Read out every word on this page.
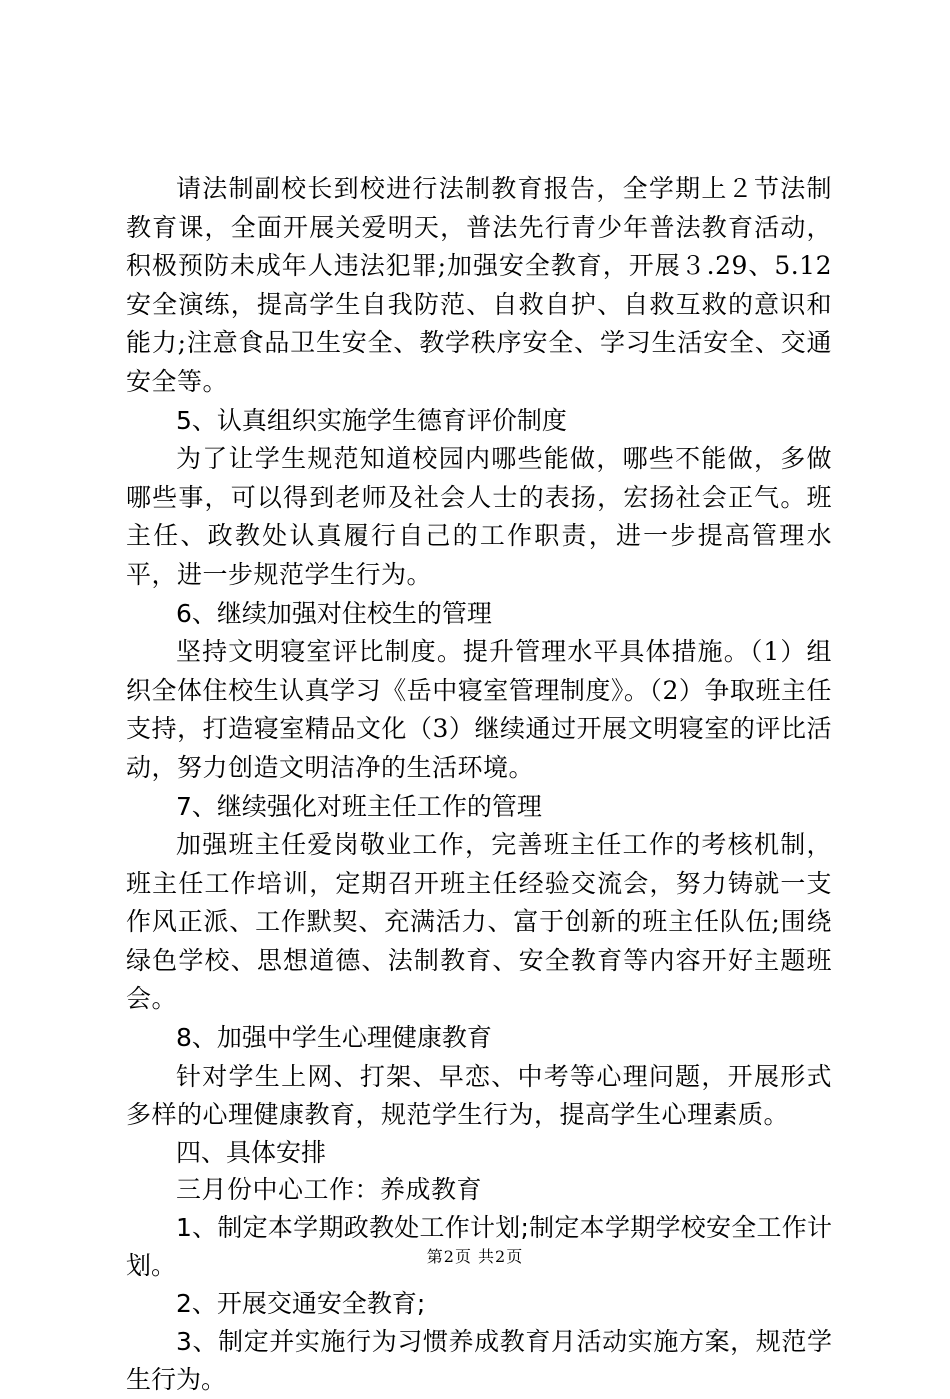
请法制副校长到校进行法制教育报告，全学期上２节法制教育课，全面开展关爱明天，普法先行青少年普法教育活动，积极预防未成年人违法犯罪;加强安全教育，开展３.29、5.12安全演练，提高学生自我防范、自救自护、自救互救的意识和能力;注意食品卫生安全、教学秩序安全、学习生活安全、交通安全等。

5、认真组织实施学生德育评价制度

为了让学生规范知道校园内哪些能做，哪些不能做，多做哪些事，可以得到老师及社会人士的表扬，宏扬社会正气。班主任、政教处认真履行自己的工作职责，进一步提高管理水平，进一步规范学生行为。

6、继续加强对住校生的管理

坚持文明寝室评比制度。提升管理水平具体措施。（1）组织全体住校生认真学习《岳中寝室管理制度》。（2）争取班主任支持，打造寝室精品文化（3）继续通过开展文明寝室的评比活动，努力创造文明洁净的生活环境。

7、继续强化对班主任工作的管理

加强班主任爱岗敬业工作，完善班主任工作的考核机制，班主任工作培训，定期召开班主任经验交流会，努力铸就一支作风正派、工作默契、充满活力、富于创新的班主任队伍;围绕绿色学校、思想道德、法制教育、安全教育等内容开好主题班会。

8、加强中学生心理健康教育

针对学生上网、打架、早恋、中考等心理问题，开展形式多样的心理健康教育，规范学生行为，提高学生心理素质。

四、具体安排

三月份中心工作：养成教育

1、制定本学期政教处工作计划;制定本学期学校安全工作计划。

2、开展交通安全教育;

3、制定并实施行为习惯养成教育月活动实施方案，规范学生行为。

第2页 共2页
